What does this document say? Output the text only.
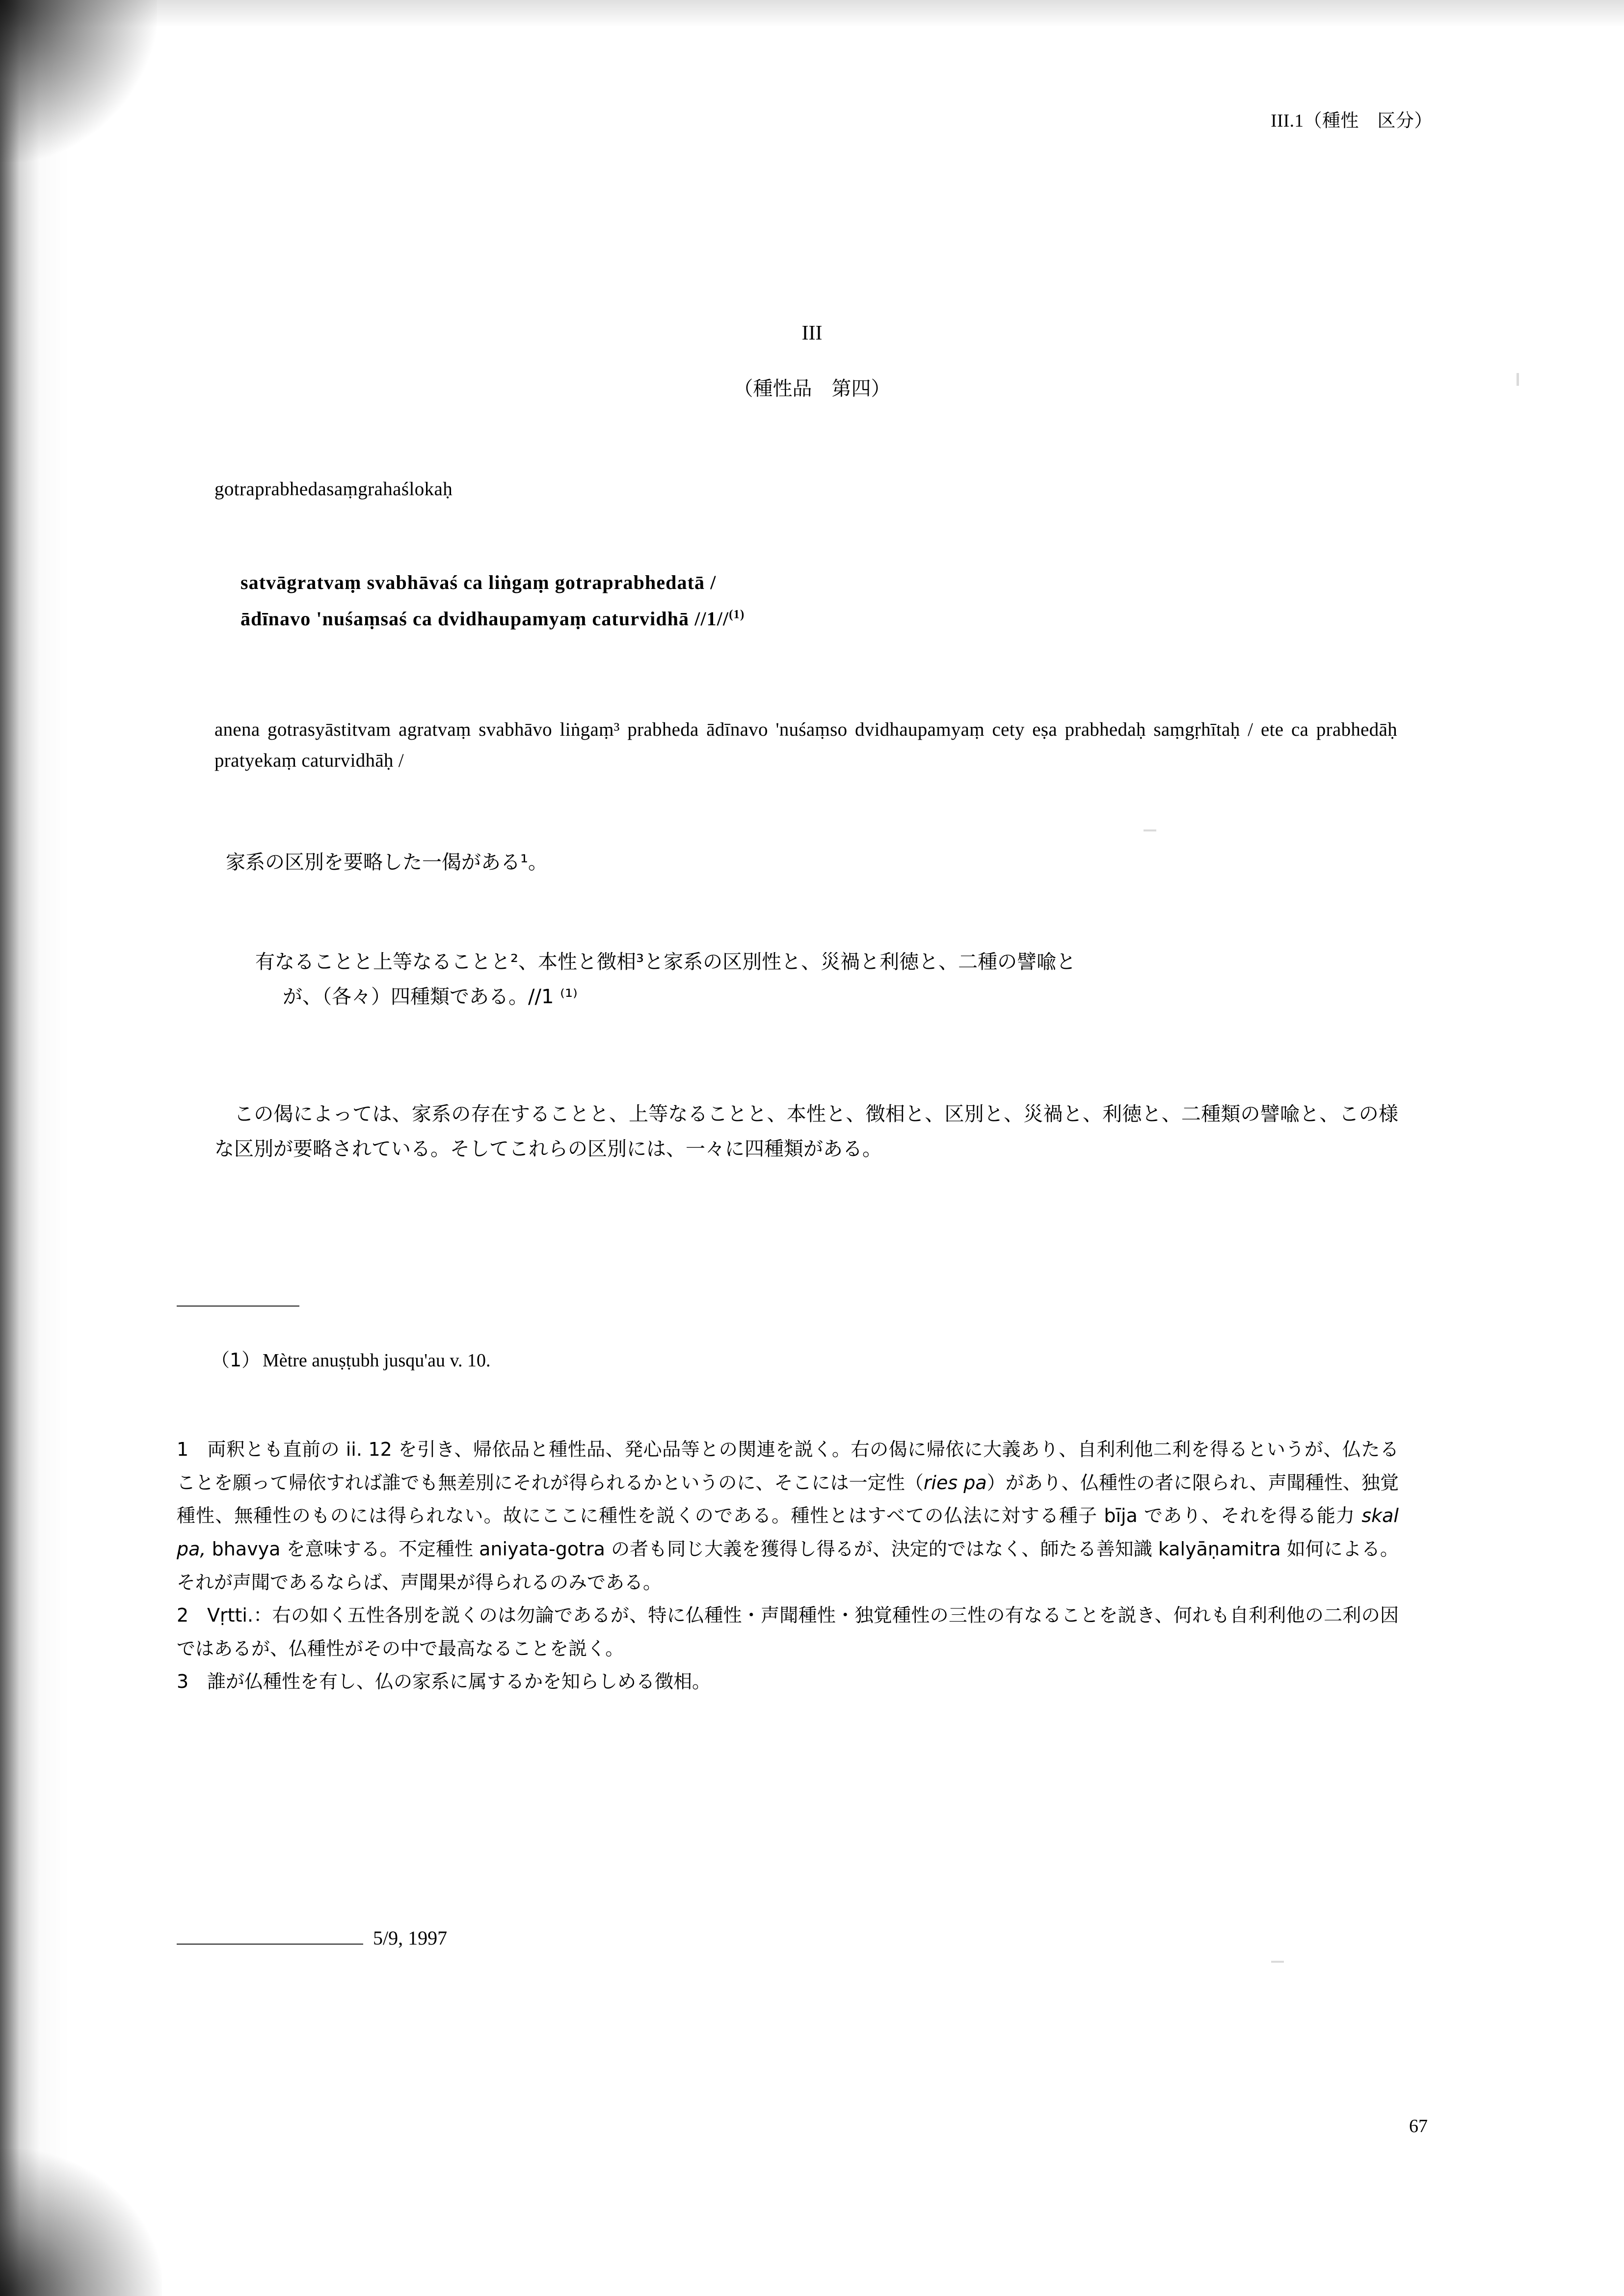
III.1（種性　区分）
III
（種性品　第四）
gotraprabhedasaṃgrahaślokaḥ
satvāgratvaṃ svabhāvaś ca liṅgaṃ gotraprabhedatā /
ādīnavo 'nuśaṃsaś ca dvidhaupamyaṃ caturvidhā //1//$^{(1)}$
anena gotrasyāstitvam agratvaṃ svabhāvo liṅgaṃ³ prabheda ādīnavo 'nuśaṃso dvidhaupamyaṃ cety eṣa prabhedaḥ saṃgṛhītaḥ / ete ca prabhedāḥ pratyekaṃ caturvidhāḥ /
家系の区別を要略した一偈がある¹。
有なることと上等なることと²、本性と徴相³と家系の区別性と、災禍と利徳と、二種の譬喩と
が、（各々）四種類である。//1 ⁽¹⁾
この偈によっては、家系の存在することと、上等なることと、本性と、徴相と、区別と、災禍と、利徳と、二種類の譬喩と、この様な区別が要略されている。そしてこれらの区別には、一々に四種類がある。
（1） Mètre anuṣṭubh jusqu'au v. 10.
1 両釈とも直前の ii. 12 を引き、帰依品と種性品、発心品等との関連を説く。右の偈に帰依に大義あり、自利利他二利を得るというが、仏たることを願って帰依すれば誰でも無差別にそれが得られるかというのに、そこには一定性（ries pa）があり、仏種性の者に限られ、声聞種性、独覚種性、無種性のものには得られない。故にここに種性を説くのである。種性とはすべての仏法に対する種子 bīja であり、それを得る能力 skal pa, bhavya を意味する。不定種性 aniyata-gotra の者も同じ大義を獲得し得るが、決定的ではなく、師たる善知識 kalyāṇamitra 如何による。それが声聞であるならば、声聞果が得られるのみである。
2 Vṛtti.：右の如く五性各別を説くのは勿論であるが、特に仏種性・声聞種性・独覚種性の三性の有なることを説き、何れも自利利他の二利の因ではあるが、仏種性がその中で最高なることを説く。
3 誰が仏種性を有し、仏の家系に属するかを知らしめる徴相。
5/9, 1997
67
